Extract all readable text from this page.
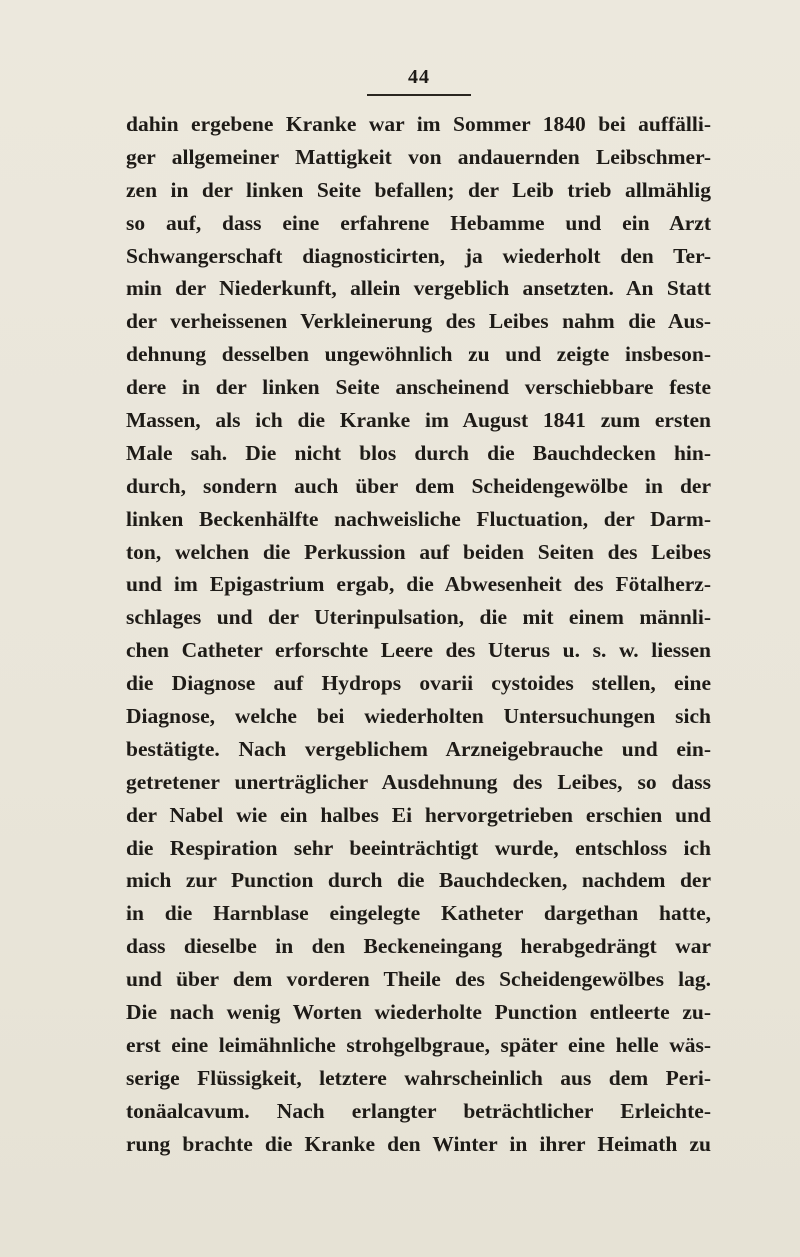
44
dahin ergebene Kranke war im Sommer 1840 bei auffälli-
ger allgemeiner Mattigkeit von andauernden Leibschmer-
zen in der linken Seite befallen; der Leib trieb allmählig
so auf, dass eine erfahrene Hebamme und ein Arzt
Schwangerschaft diagnosticirten, ja wiederholt den Ter-
min der Niederkunft, allein vergeblich ansetzten. An Statt
der verheissenen Verkleinerung des Leibes nahm die Aus-
dehnung desselben ungewöhnlich zu und zeigte insbeson-
dere in der linken Seite anscheinend verschiebbare feste
Massen, als ich die Kranke im August 1841 zum ersten
Male sah. Die nicht blos durch die Bauchdecken hin-
durch, sondern auch über dem Scheidengewölbe in der
linken Beckenhälfte nachweisliche Fluctuation, der Darm-
ton, welchen die Perkussion auf beiden Seiten des Leibes
und im Epigastrium ergab, die Abwesenheit des Fötalherz-
schlages und der Uterinpulsation, die mit einem männli-
chen Catheter erforschte Leere des Uterus u. s. w. liessen
die Diagnose auf Hydrops ovarii cystoides stellen, eine
Diagnose, welche bei wiederholten Untersuchungen sich
bestätigte. Nach vergeblichem Arzneigebrauche und ein-
getretener unerträglicher Ausdehnung des Leibes, so dass
der Nabel wie ein halbes Ei hervorgetrieben erschien und
die Respiration sehr beeinträchtigt wurde, entschloss ich
mich zur Punction durch die Bauchdecken, nachdem der
in die Harnblase eingelegte Katheter dargethan hatte,
dass dieselbe in den Beckeneingang herabgedrängt war
und über dem vorderen Theile des Scheidengewölbes lag.
Die nach wenig Worten wiederholte Punction entleerte zu-
erst eine leimähnliche strohgelbgraue, später eine helle wäs-
serige Flüssigkeit, letztere wahrscheinlich aus dem Peri-
tonäalcavum. Nach erlangter beträchtlicher Erleichte-
rung brachte die Kranke den Winter in ihrer Heimath zu
